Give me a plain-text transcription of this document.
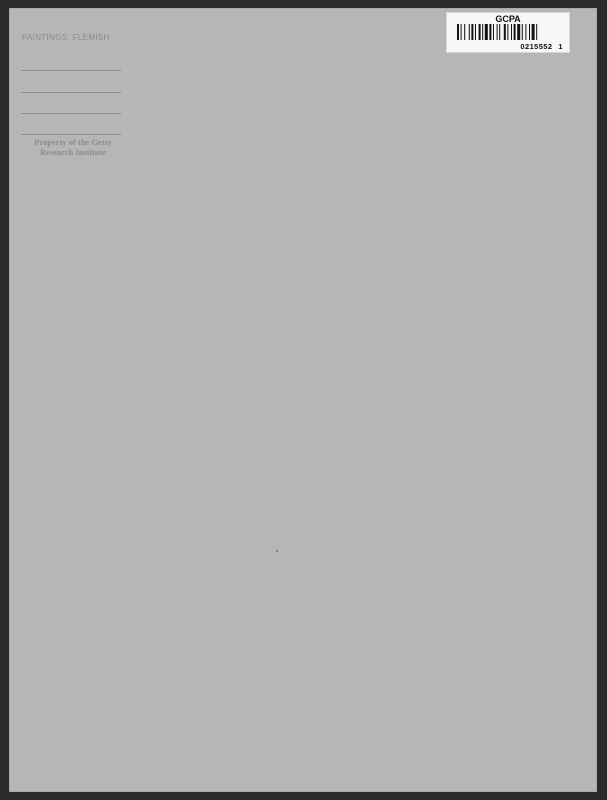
PAINTINGS: FLEMISH
Property of the Getty
Research Institute
GCPA
0215552 1
